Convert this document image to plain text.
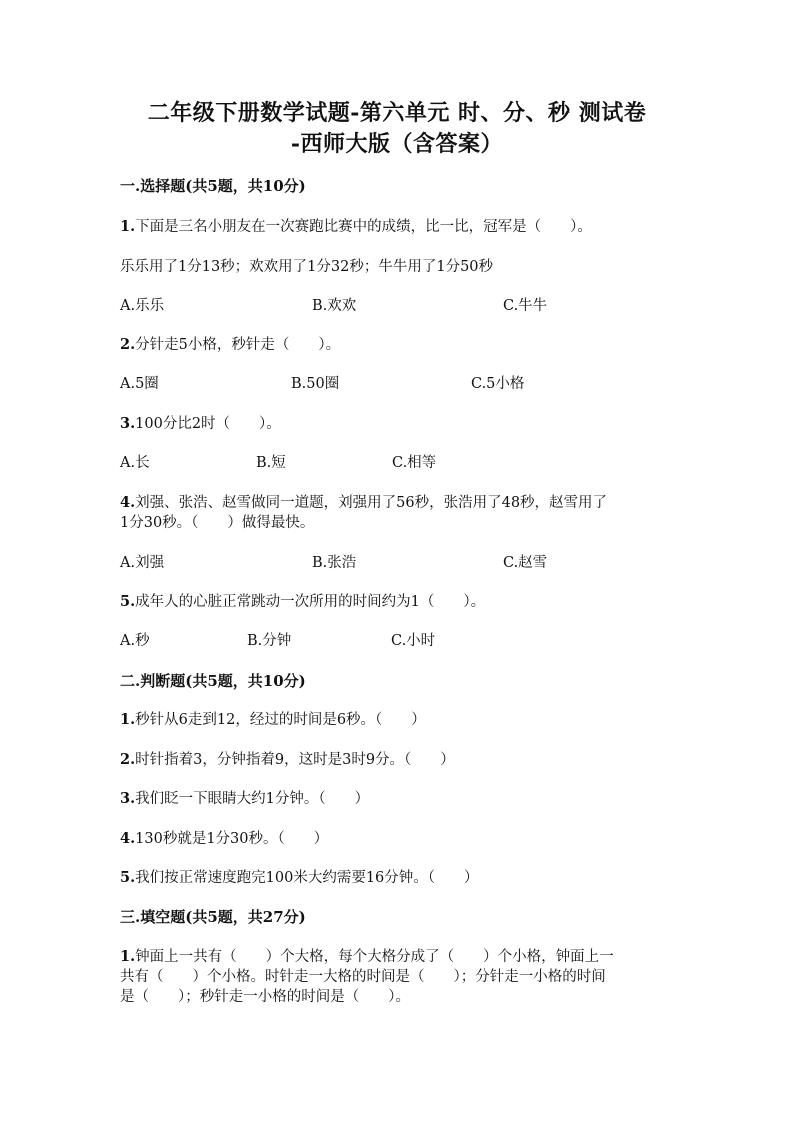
二年级下册数学试题-第六单元 时、分、秒 测试卷
-西师大版（含答案）
一.选择题(共5题，共10分)
1.下面是三名小朋友在一次赛跑比赛中的成绩，比一比，冠军是（　　）。
乐乐用了1分13秒；欢欢用了1分32秒；牛牛用了1分50秒
A.乐乐	B.欢欢	C.牛牛
2.分针走5小格，秒针走（　　）。
A.5圈	B.50圈	C.5小格
3.100分比2时（　　）。
A.长	B.短	C.相等
4.刘强、张浩、赵雪做同一道题，刘强用了56秒，张浩用了48秒，赵雪用了
1分30秒。（　　）做得最快。
A.刘强	B.张浩	C.赵雪
5.成年人的心脏正常跳动一次所用的时间约为1（　　）。
A.秒	B.分钟	C.小时
二.判断题(共5题，共10分)
1.秒针从6走到12，经过的时间是6秒。（　　）
2.时针指着3，分钟指着9，这时是3时9分。（　　）
3.我们眨一下眼睛大约1分钟。（　　）
4.130秒就是1分30秒。（　　）
5.我们按正常速度跑完100米大约需要16分钟。（　　）
三.填空题(共5题，共27分)
1.钟面上一共有（　　）个大格，每个大格分成了（　　）个小格，钟面上一
共有（　　）个小格。时针走一大格的时间是（　　）；分针走一小格的时间
是（　　）；秒针走一小格的时间是（　　）。
